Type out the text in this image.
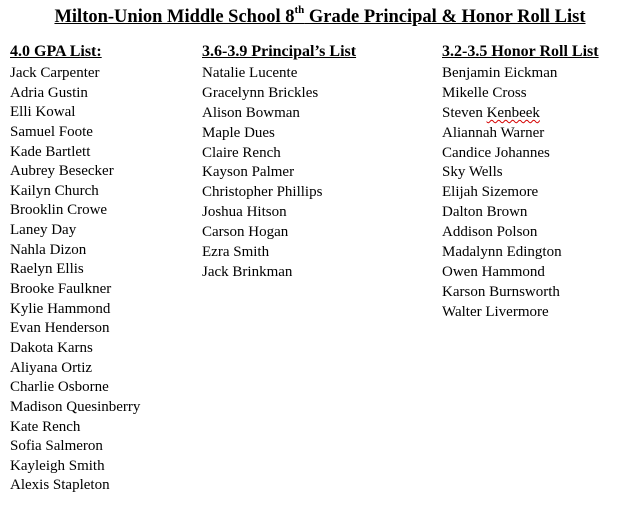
Milton-Union Middle School 8th Grade Principal & Honor Roll List
4.0 GPA List:
Jack Carpenter
Adria Gustin
Elli Kowal
Samuel Foote
Kade Bartlett
Aubrey Besecker
Kailyn Church
Brooklin Crowe
Laney Day
Nahla Dizon
Raelyn Ellis
Brooke Faulkner
Kylie Hammond
Evan Henderson
Dakota Karns
Aliyana Ortiz
Charlie Osborne
Madison Quesinberry
Kate Rench
Sofia Salmeron
Kayleigh Smith
Alexis Stapleton
3.6-3.9 Principal’s List
Natalie Lucente
Gracelynn Brickles
Alison Bowman
Maple Dues
Claire Rench
Kayson Palmer
Christopher Phillips
Joshua Hitson
Carson Hogan
Ezra Smith
Jack Brinkman
3.2-3.5 Honor Roll List
Benjamin Eickman
Mikelle Cross
Steven Kenbeek
Aliannah Warner
Candice Johannes
Sky Wells
Elijah Sizemore
Dalton Brown
Addison Polson
Madalynn Edington
Owen Hammond
Karson Burnsworth
Walter Livermore
